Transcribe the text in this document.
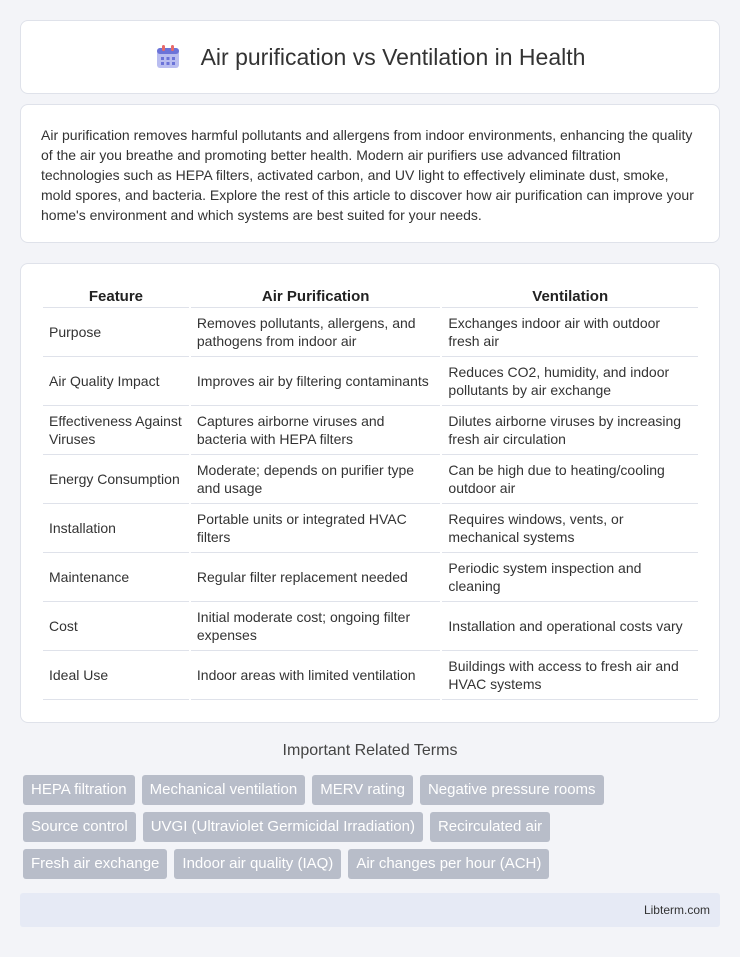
Air purification vs Ventilation in Health

Air purification removes harmful pollutants and allergens from indoor environments, enhancing the quality of the air you breathe and promoting better health. Modern air purifiers use advanced filtration technologies such as HEPA filters, activated carbon, and UV light to effectively eliminate dust, smoke, mold spores, and bacteria. Explore the rest of this article to discover how air purification can improve your home's environment and which systems are best suited for your needs.

Feature		Air Purification		Ventilation
Purpose		Removes pollutants, allergens, and pathogens from indoor air		Exchanges indoor air with outdoor fresh air
Air Quality Impact		Improves air by filtering contaminants		Reduces CO2, humidity, and indoor pollutants by air exchange
Effectiveness Against Viruses		Captures airborne viruses and bacteria with HEPA filters		Dilutes airborne viruses by increasing fresh air circulation
Energy Consumption		Moderate; depends on purifier type and usage		Can be high due to heating/cooling outdoor air
Installation		Portable units or integrated HVAC filters		Requires windows, vents, or mechanical systems
Maintenance		Regular filter replacement needed		Periodic system inspection and cleaning
Cost		Initial moderate cost; ongoing filter expenses		Installation and operational costs vary
Ideal Use		Indoor areas with limited ventilation		Buildings with access to fresh air and HVAC systems
Important Related Terms
HEPA filtration	Mechanical ventilation	MERV rating	Negative pressure rooms
Source control	UVGI (Ultraviolet Germicidal Irradiation)	Recirculated air
Fresh air exchange	Indoor air quality (IAQ)	Air changes per hour (ACH)
Libterm.com
